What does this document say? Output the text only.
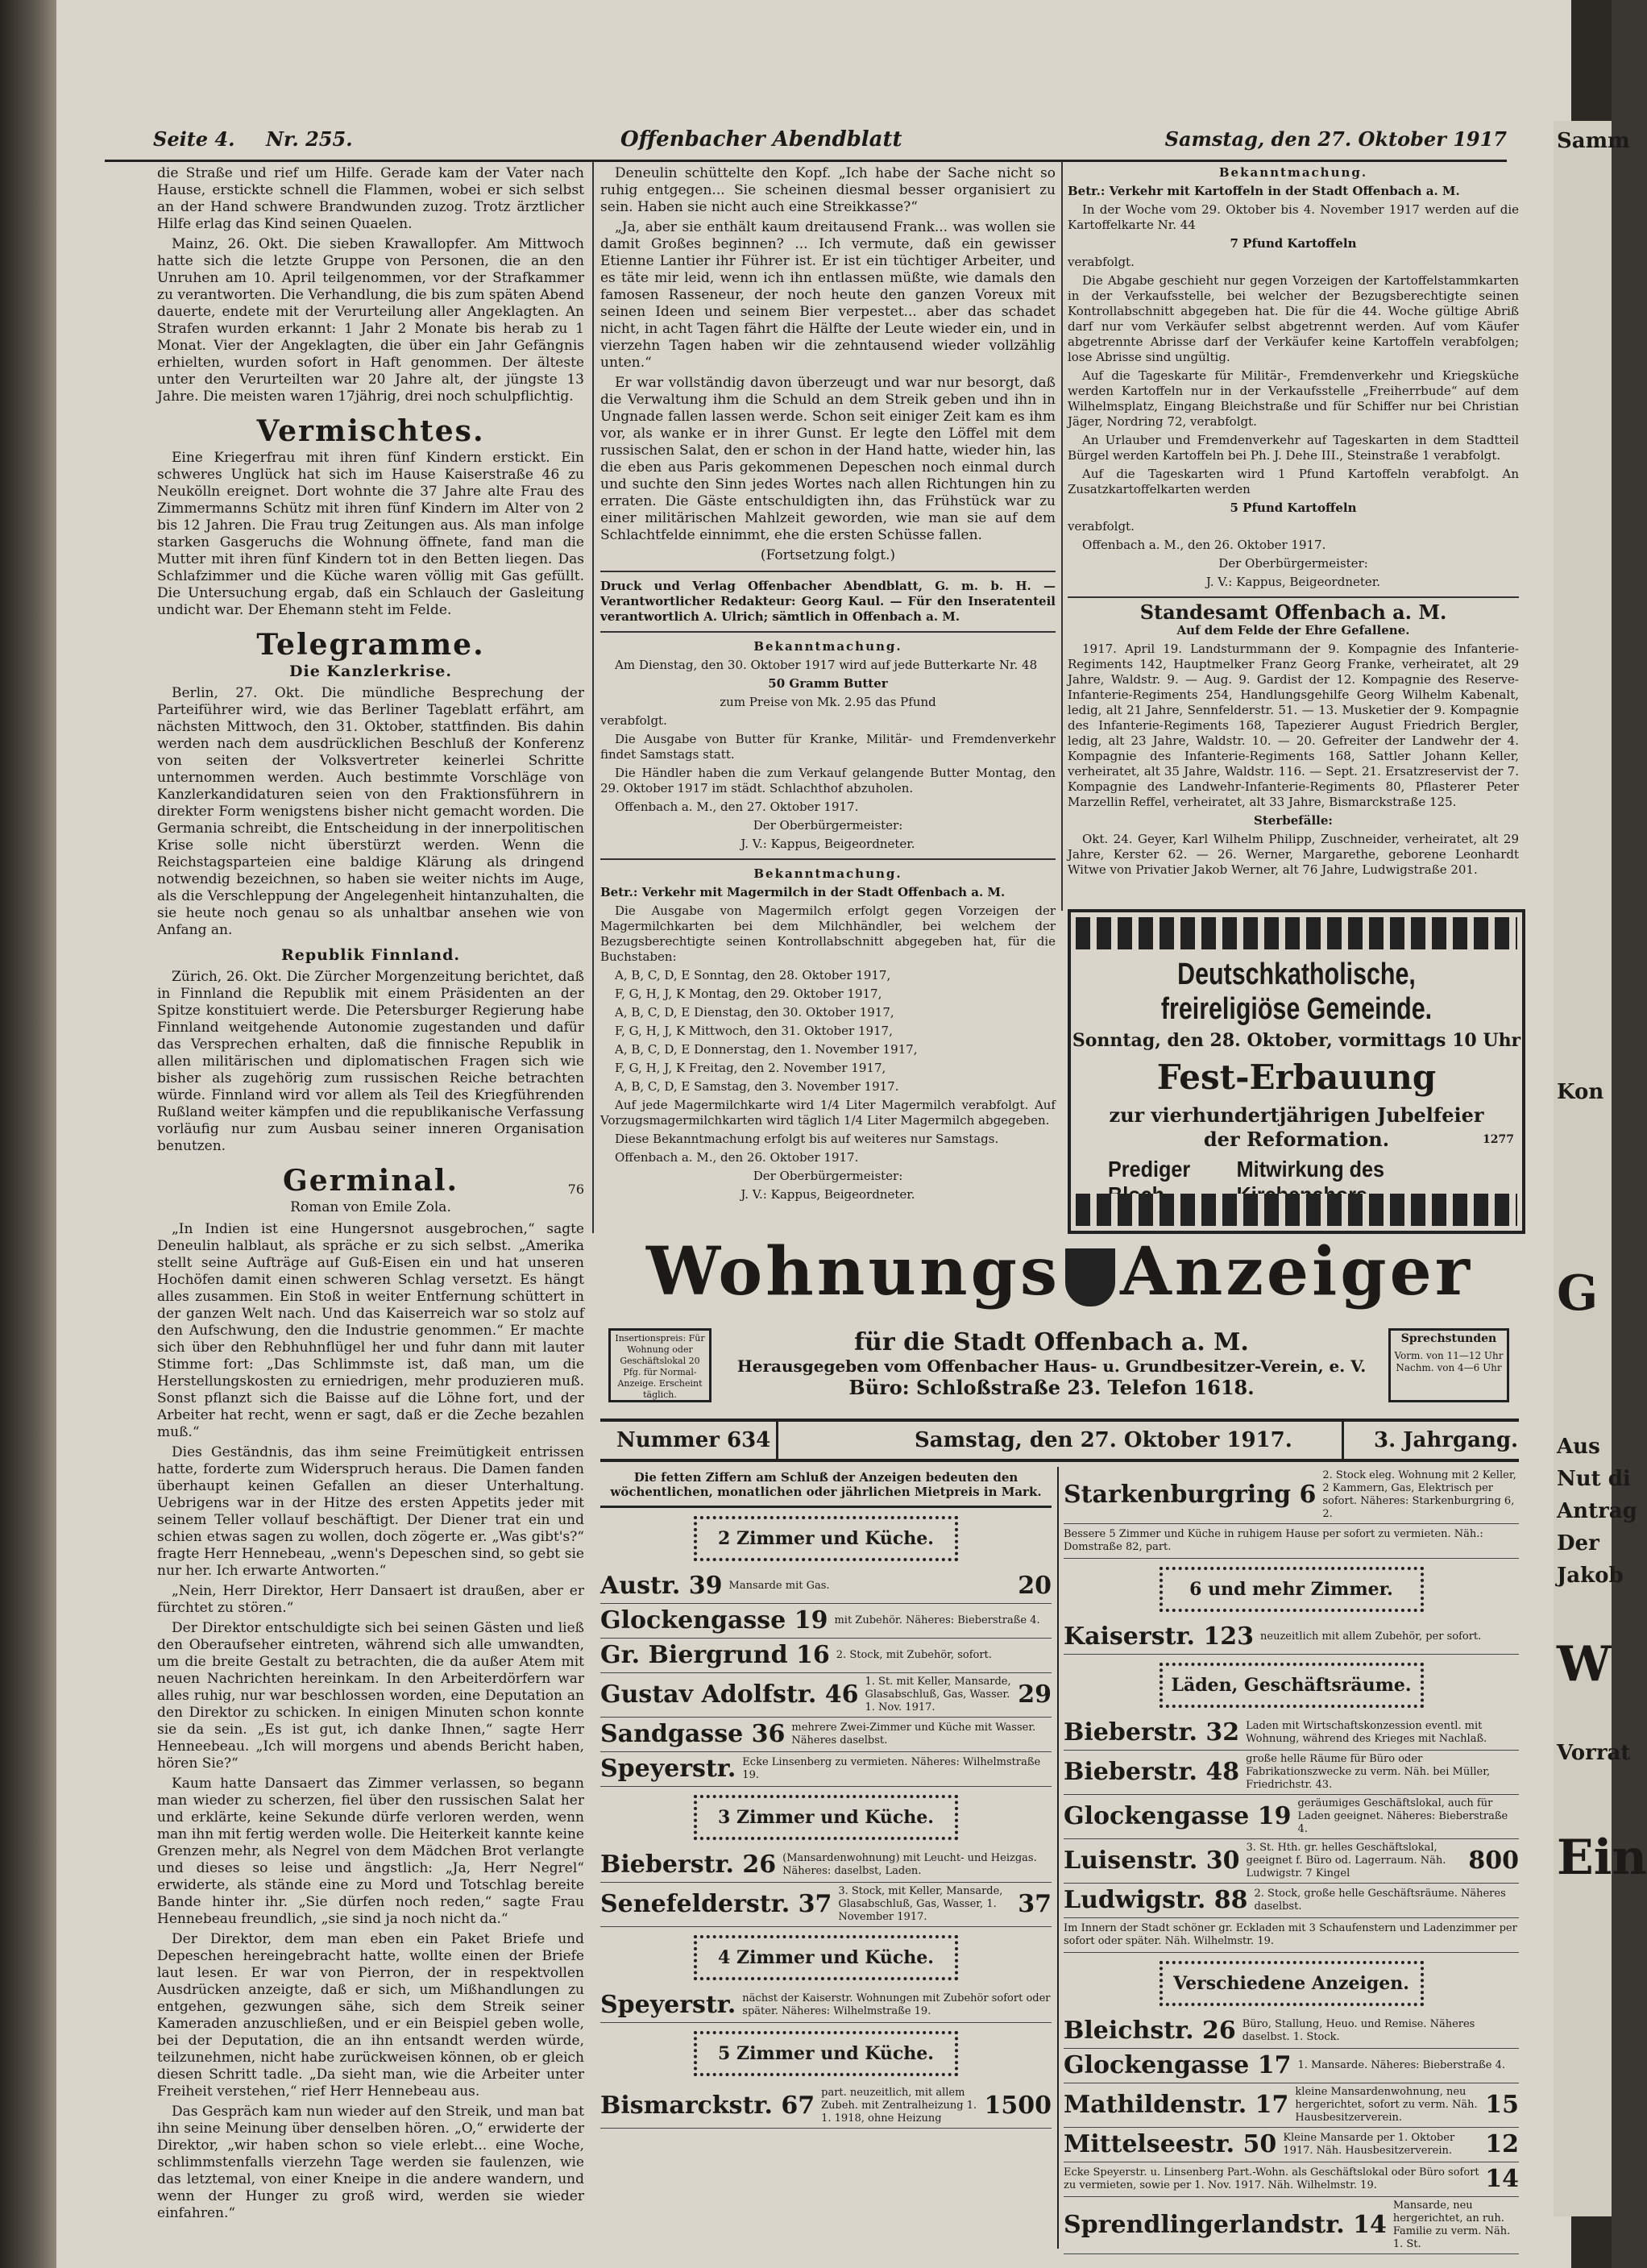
Samm
Kon
G
Aus
Nut di
Antrag
Der
Jakob
W
Vorrat
Ein
Seite 4. Nr. 255.	Offenbacher Abendblatt	Samstag, den 27. Oktober 1917

die Straße und rief um Hilfe. Gerade kam der Vater nach Hause, erstickte schnell die Flammen, wobei er sich selbst an der Hand schwere Brandwunden zuzog. Trotz ärztlicher Hilfe erlag das Kind seinen Quaelen.

Mainz, 26. Okt. Die sieben Krawallopfer. Am Mittwoch hatte sich die letzte Gruppe von Personen, die an den Unruhen am 10. April teilgenommen, vor der Strafkammer zu verantworten. Die Verhandlung, die bis zum späten Abend dauerte, endete mit der Verurteilung aller Angeklagten. An Strafen wurden erkannt: 1 Jahr 2 Monate bis herab zu 1 Monat. Vier der Angeklagten, die über ein Jahr Gefängnis erhielten, wurden sofort in Haft genommen. Der älteste unter den Verurteilten war 20 Jahre alt, der jüngste 13 Jahre. Die meisten waren 17jährig, drei noch schulpflichtig.

Vermischtes.

Eine Kriegerfrau mit ihren fünf Kindern erstickt. Ein schweres Unglück hat sich im Hause Kaiserstraße 46 zu Neukölln ereignet. Dort wohnte die 37 Jahre alte Frau des Zimmermanns Schütz mit ihren fünf Kindern im Alter von 2 bis 12 Jahren. Die Frau trug Zeitungen aus. Als man infolge starken Gasgeruchs die Wohnung öffnete, fand man die Mutter mit ihren fünf Kindern tot in den Betten liegen. Das Schlafzimmer und die Küche waren völlig mit Gas gefüllt. Die Untersuchung ergab, daß ein Schlauch der Gasleitung undicht war. Der Ehemann steht im Felde.

Telegramme.
Die Kanzlerkrise.

Berlin, 27. Okt. Die mündliche Besprechung der Parteiführer wird, wie das Berliner Tageblatt erfährt, am nächsten Mittwoch, den 31. Oktober, stattfinden. Bis dahin werden nach dem ausdrücklichen Beschluß der Konferenz von seiten der Volksvertreter keinerlei Schritte unternommen werden. Auch bestimmte Vorschläge von Kanzlerkandidaturen seien von den Fraktionsführern in direkter Form wenigstens bisher nicht gemacht worden. Die Germania schreibt, die Entscheidung in der innerpolitischen Krise solle nicht überstürzt werden. Wenn die Reichstagsparteien eine baldige Klärung als dringend notwendig bezeichnen, so haben sie weiter nichts im Auge, als die Verschleppung der Angelegenheit hintanzuhalten, die sie heute noch genau so als unhaltbar ansehen wie von Anfang an.

Republik Finnland.

Zürich, 26. Okt. Die Zürcher Morgenzeitung berichtet, daß in Finnland die Republik mit einem Präsidenten an der Spitze konstituiert werde. Die Petersburger Regierung habe Finnland weitgehende Autonomie zugestanden und dafür das Versprechen erhalten, daß die finnische Republik in allen militärischen und diplomatischen Fragen sich wie bisher als zugehörig zum russischen Reiche betrachten würde. Finnland wird vor allem als Teil des Kriegführenden Rußland weiter kämpfen und die republikanische Verfassung vorläufig nur zum Ausbau seiner inneren Organisation benutzen.

Germinal.	76
Roman von Emile Zola.

„In Indien ist eine Hungersnot ausgebrochen,“ sagte Deneulin halblaut, als spräche er zu sich selbst. „Amerika stellt seine Aufträge auf Guß-Eisen ein und hat unseren Hochöfen damit einen schweren Schlag versetzt. Es hängt alles zusammen. Ein Stoß in weiter Entfernung schüttert in der ganzen Welt nach. Und das Kaiserreich war so stolz auf den Aufschwung, den die Industrie genommen.“ Er machte sich über den Rebhuhnflügel her und fuhr dann mit lauter Stimme fort: „Das Schlimmste ist, daß man, um die Herstellungskosten zu erniedrigen, mehr produzieren muß. Sonst pflanzt sich die Baisse auf die Löhne fort, und der Arbeiter hat recht, wenn er sagt, daß er die Zeche bezahlen muß.“

Dies Geständnis, das ihm seine Freimütigkeit entrissen hatte, forderte zum Widerspruch heraus. Die Damen fanden überhaupt keinen Gefallen an dieser Unterhaltung. Uebrigens war in der Hitze des ersten Appetits jeder mit seinem Teller vollauf beschäftigt. Der Diener trat ein und schien etwas sagen zu wollen, doch zögerte er. „Was gibt's?“ fragte Herr Hennebeau, „wenn's Depeschen sind, so gebt sie nur her. Ich erwarte Antworten.“

„Nein, Herr Direktor, Herr Dansaert ist draußen, aber er fürchtet zu stören.“

Der Direktor entschuldigte sich bei seinen Gästen und ließ den Oberaufseher eintreten, während sich alle umwandten, um die breite Gestalt zu betrachten, die da außer Atem mit neuen Nachrichten hereinkam. In den Arbeiterdörfern war alles ruhig, nur war beschlossen worden, eine Deputation an den Direktor zu schicken. In einigen Minuten schon konnte sie da sein. „Es ist gut, ich danke Ihnen,“ sagte Herr Henneebeau. „Ich will morgens und abends Bericht haben, hören Sie?“

Kaum hatte Dansaert das Zimmer verlassen, so begann man wieder zu scherzen, fiel über den russischen Salat her und erklärte, keine Sekunde dürfe verloren werden, wenn man ihn mit fertig werden wolle. Die Heiterkeit kannte keine Grenzen mehr, als Negrel von dem Mädchen Brot verlangte und dieses so leise und ängstlich: „Ja, Herr Negrel“ erwiderte, als stände eine zu Mord und Totschlag bereite Bande hinter ihr. „Sie dürfen noch reden,“ sagte Frau Hennebeau freundlich, „sie sind ja noch nicht da.“

Der Direktor, dem man eben ein Paket Briefe und Depeschen hereingebracht hatte, wollte einen der Briefe laut lesen. Er war von Pierron, der in respektvollen Ausdrücken anzeigte, daß er sich, um Mißhandlungen zu entgehen, gezwungen sähe, sich dem Streik seiner Kameraden anzuschließen, und er ein Beispiel geben wolle, bei der Deputation, die an ihn entsandt werden würde, teilzunehmen, nicht habe zurückweisen können, ob er gleich diesen Schritt tadle. „Da sieht man, wie die Arbeiter unter Freiheit verstehen,“ rief Herr Hennebeau aus.

Das Gespräch kam nun wieder auf den Streik, und man bat ihn seine Meinung über denselben hören. „O,“ erwiderte der Direktor, „wir haben schon so viele erlebt... eine Woche, schlimmstenfalls vierzehn Tage werden sie faulenzen, wie das letztemal, von einer Kneipe in die andere wandern, und wenn der Hunger zu groß wird, werden sie wieder einfahren.“

Deneulin schüttelte den Kopf. „Ich habe der Sache nicht so ruhig entgegen... Sie scheinen diesmal besser organisiert zu sein. Haben sie nicht auch eine Streikkasse?“

„Ja, aber sie enthält kaum dreitausend Frank... was wollen sie damit Großes beginnen? ... Ich vermute, daß ein gewisser Etienne Lantier ihr Führer ist. Er ist ein tüchtiger Arbeiter, und es täte mir leid, wenn ich ihn entlassen müßte, wie damals den famosen Rasseneur, der noch heute den ganzen Voreux mit seinen Ideen und seinem Bier verpestet... aber das schadet nicht, in acht Tagen fährt die Hälfte der Leute wieder ein, und in vierzehn Tagen haben wir die zehntausend wieder vollzählig unten.“

Er war vollständig davon überzeugt und war nur besorgt, daß die Verwaltung ihm die Schuld an dem Streik geben und ihn in Ungnade fallen lassen werde. Schon seit einiger Zeit kam es ihm vor, als wanke er in ihrer Gunst. Er legte den Löffel mit dem russischen Salat, den er schon in der Hand hatte, wieder hin, las die eben aus Paris gekommenen Depeschen noch einmal durch und suchte den Sinn jedes Wortes nach allen Richtungen hin zu erraten. Die Gäste entschuldigten ihn, das Frühstück war zu einer militärischen Mahlzeit geworden, wie man sie auf dem Schlachtfelde einnimmt, ehe die ersten Schüsse fallen.

(Fortsetzung folgt.)

Druck und Verlag Offenbacher Abendblatt, G. m. b. H. — Verantwortlicher Redakteur: Georg Kaul. — Für den Inseratenteil verantwortlich A. Ulrich; sämtlich in Offenbach a. M.

Bekanntmachung.

Am Dienstag, den 30. Oktober 1917 wird auf jede Butterkarte Nr. 48

50 Gramm Butter

zum Preise von Mk. 2.95 das Pfund

verabfolgt.

Die Ausgabe von Butter für Kranke, Militär- und Fremdenverkehr findet Samstags statt.

Die Händler haben die zum Verkauf gelangende Butter Montag, den 29. Oktober 1917 im städt. Schlachthof abzuholen.

Offenbach a. M., den 27. Oktober 1917.

Der Oberbürgermeister:

J. V.: Kappus, Beigeordneter.

Bekanntmachung.

Betr.: Verkehr mit Magermilch in der Stadt Offenbach a. M.

Die Ausgabe von Magermilch erfolgt gegen Vorzeigen der Magermilchkarten bei dem Milchhändler, bei welchem der Bezugsberechtigte seinen Kontrollabschnitt abgegeben hat, für die Buchstaben:

A, B, C, D, E Sonntag, den 28. Oktober 1917,

F, G, H, J, K Montag, den 29. Oktober 1917,

A, B, C, D, E Dienstag, den 30. Oktober 1917,

F, G, H, J, K Mittwoch, den 31. Oktober 1917,

A, B, C, D, E Donnerstag, den 1. November 1917,

F, G, H, J, K Freitag, den 2. November 1917,

A, B, C, D, E Samstag, den 3. November 1917.

Auf jede Magermilchkarte wird 1/4 Liter Magermilch verabfolgt. Auf Vorzugsmagermilchkarten wird täglich 1/4 Liter Magermilch abgegeben.

Diese Bekanntmachung erfolgt bis auf weiteres nur Samstags.

Offenbach a. M., den 26. Oktober 1917.

Der Oberbürgermeister:

J. V.: Kappus, Beigeordneter.

Bekanntmachung.

Betr.: Verkehr mit Kartoffeln in der Stadt Offenbach a. M.

In der Woche vom 29. Oktober bis 4. November 1917 werden auf die Kartoffelkarte Nr. 44

7 Pfund Kartoffeln

verabfolgt.

Die Abgabe geschieht nur gegen Vorzeigen der Kartoffelstammkarten in der Verkaufsstelle, bei welcher der Bezugsberechtigte seinen Kontrollabschnitt abgegeben hat. Die für die 44. Woche gültige Abriß darf nur vom Verkäufer selbst abgetrennt werden. Auf vom Käufer abgetrennte Abrisse darf der Verkäufer keine Kartoffeln verabfolgen; lose Abrisse sind ungültig.

Auf die Tageskarte für Militär-, Fremdenverkehr und Kriegsküche werden Kartoffeln nur in der Verkaufsstelle „Freiherrbude“ auf dem Wilhelmsplatz, Eingang Bleichstraße und für Schiffer nur bei Christian Jäger, Nordring 72, verabfolgt.

An Urlauber und Fremdenverkehr auf Tageskarten in dem Stadtteil Bürgel werden Kartoffeln bei Ph. J. Dehe III., Steinstraße 1 verabfolgt.

Auf die Tageskarten wird 1 Pfund Kartoffeln verabfolgt. An Zusatzkartoffelkarten werden

5 Pfund Kartoffeln

verabfolgt.

Offenbach a. M., den 26. Oktober 1917.

Der Oberbürgermeister:

J. V.: Kappus, Beigeordneter.

Standesamt Offenbach a. M.

Auf dem Felde der Ehre Gefallene.

1917. April 19. Landsturmmann der 9. Kompagnie des Infanterie-Regiments 142, Hauptmelker Franz Georg Franke, verheiratet, alt 29 Jahre, Waldstr. 9. — Aug. 9. Gardist der 12. Kompagnie des Reserve-Infanterie-Regiments 254, Handlungsgehilfe Georg Wilhelm Kabenalt, ledig, alt 21 Jahre, Sennfelderstr. 51. — 13. Musketier der 9. Kompagnie des Infanterie-Regiments 168, Tapezierer August Friedrich Bergler, ledig, alt 23 Jahre, Waldstr. 10. — 20. Gefreiter der Landwehr der 4. Kompagnie des Infanterie-Regiments 168, Sattler Johann Keller, verheiratet, alt 35 Jahre, Waldstr. 116. — Sept. 21. Ersatzreservist der 7. Kompagnie des Landwehr-Infanterie-Regiments 80, Pflasterer Peter Marzellin Reffel, verheiratet, alt 33 Jahre, Bismarckstraße 125.

Sterbefälle:

Okt. 24. Geyer, Karl Wilhelm Philipp, Zuschneider, verheiratet, alt 29 Jahre, Kerster 62. — 26. Werner, Margarethe, geborene Leonhardt Witwe von Privatier Jakob Werner, alt 76 Jahre, Ludwigstraße 201.

Deutschkatholische, freireligiöse Gemeinde.
Sonntag, den 28. Oktober, vormittags 10 Uhr
Fest-Erbauung
zur vierhundertjährigen Jubelfeier
der Reformation.	1277
Prediger	Mitwirkung des
Wohnungs Anzeiger
Insertionspreis: Für Wohnung oder Geschäftslokal 20 Pfg. für Normal-Anzeige. Erscheint täglich.
für die Stadt Offenbach a. M.
Herausgegeben vom Offenbacher Haus- u. Grundbesitzer-Verein, e. V.
Büro: Schloßstraße 23. Telefon 1618.
Sprechstunden
Vorm. von 11—12 Uhr Nachm. von 4—6 Uhr
Nummer 634	Samstag, den 27. Oktober 1917.	3. Jahrgang.
Die fetten Ziffern am Schluß der Anzeigen bedeuten den wöchentlichen, monatlichen oder jährlichen Mietpreis in Mark.
2 Zimmer und Küche.
Austr. 39 Mansarde mit Gas.	20
Glockengasse 19 mit Zubehör. Näheres: Bieberstraße 4.
Gr. Biergrund 16 2. Stock, mit Zubehör, sofort.
Gustav Adolfstr. 46 1. St. mit Keller, Mansarde, Glasabschluß, Gas, Wasser. 1. Nov. 1917.	29
Sandgasse 36 mehrere Zwei-Zimmer und Küche mit Wasser. Näheres daselbst.
Speyerstr. Ecke Linsenberg zu vermieten. Näheres: Wilhelmstraße 19.
3 Zimmer und Küche.
Bieberstr. 26 (Mansardenwohnung) mit Leucht- und Heizgas. Näheres: daselbst, Laden.
Senefelderstr. 37 3. Stock, mit Keller, Mansarde, Glasabschluß, Gas, Wasser, 1. November 1917.	37
4 Zimmer und Küche.
Speyerstr. nächst der Kaiserstr. Wohnungen mit Zubehör sofort oder später. Näheres: Wilhelmstraße 19.
5 Zimmer und Küche.
Bismarckstr. 67 part. neuzeitlich, mit allem Zubeh. mit Zentralheizung 1. 1. 1918, ohne Heizung	1500
Starkenburgring 6
2. Stock eleg. Wohnung mit 2 Keller, 2 Kammern, Gas, Elektrisch per sofort. Näheres: Starkenburgring 6, 2.
Bessere 5 Zimmer und Küche in ruhigem Hause per sofort zu vermieten. Näh.: Domstraße 82, part.
6 und mehr Zimmer.
Kaiserstr. 123 neuzeitlich mit allem Zubehör, per sofort.
Läden, Geschäftsräume.
Bieberstr. 32 Laden mit Wirtschaftskonzession eventl. mit Wohnung, während des Krieges mit Nachlaß.
Bieberstr. 48 große helle Räume für Büro oder Fabrikationszwecke zu verm. Näh. bei Müller, Friedrichstr. 43.
Glockengasse 19 geräumiges Geschäftslokal, auch für Laden geeignet. Näheres: Bieberstraße 4.
Luisenstr. 30 3. St. Hth. gr. helles Geschäftslokal, geeignet f. Büro od. Lagerraum. Näh. Ludwigstr. 7 Kingel	800
Ludwigstr. 88 2. Stock, große helle Geschäftsräume. Näheres daselbst.
Im Innern der Stadt schöner gr. Eckladen mit 3 Schaufenstern und Ladenzimmer per sofort oder später. Näh. Wilhelmstr. 19.
Verschiedene Anzeigen.
Bleichstr. 26 Büro, Stallung, Heuo. und Remise. Näheres daselbst. 1. Stock.
Glockengasse 17 1. Mansarde. Näheres: Bieberstraße 4.
Mathildenstr. 17 kleine Mansardenwohnung, neu hergerichtet, sofort zu verm. Näh. Hausbesitzerverein.	15
Mittelseestr. 50 Kleine Mansarde per 1. Oktober 1917. Näh. Hausbesitzerverein.	12
Ecke Speyerstr. u. Linsenberg Part.-Wohn. als Geschäftslokal oder Büro sofort zu vermieten, sowie per 1. Nov. 1917. Näh. Wilhelmstr. 19.	14
Sprendlingerlandstr. 14
Mansarde, neu hergerichtet, an ruh. Familie zu verm. Näh. 1. St.
